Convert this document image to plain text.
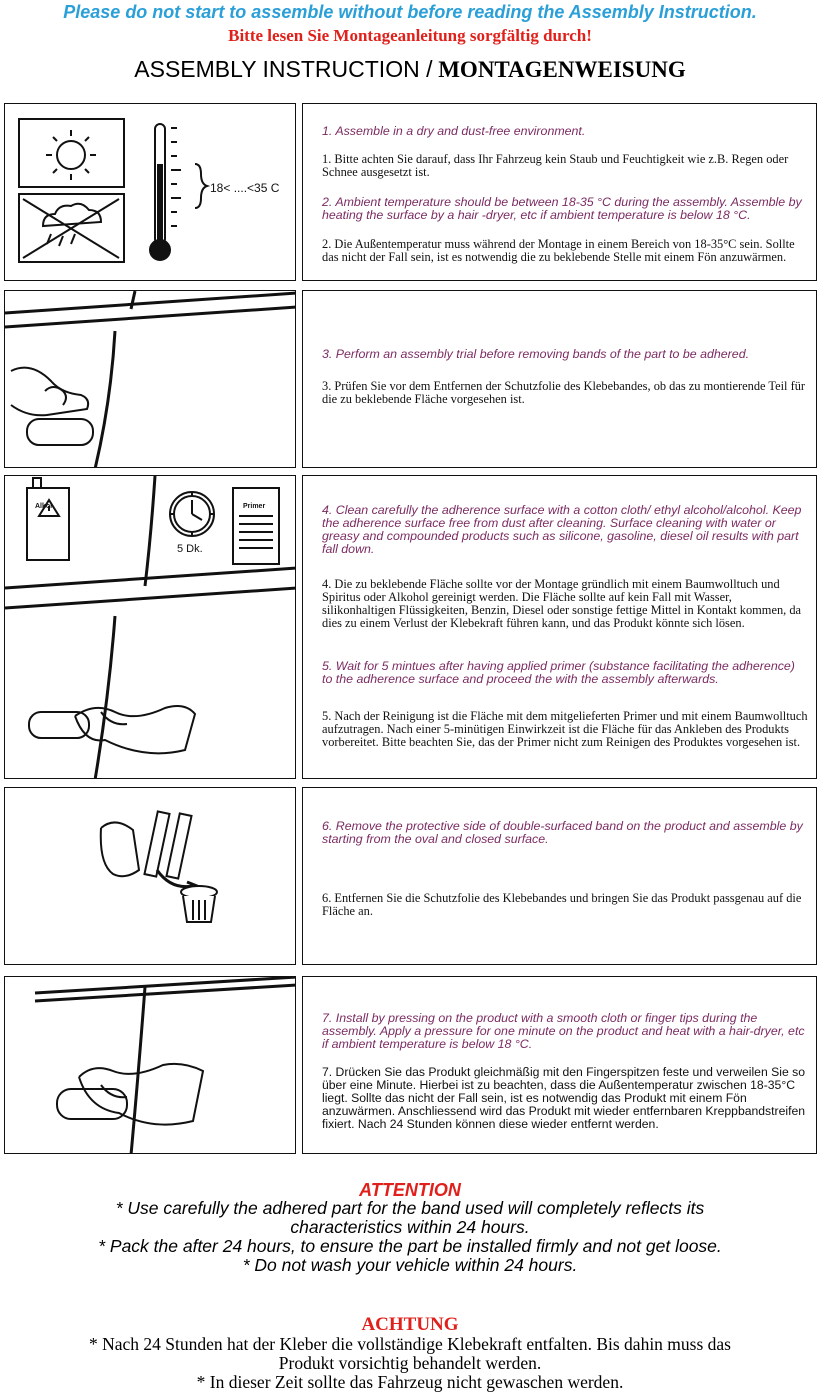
Please do not start to assemble without before reading the Assembly Instruction.
Bitte lesen Sie Montageanleitung sorgfältig durch!
ASSEMBLY INSTRUCTION / MONTAGENWEISUNG
18< ....<35 C
1. Assemble in a dry and dust-free environment.
1. Bitte achten Sie darauf, dass Ihr Fahrzeug kein Staub und Feuchtigkeit wie z.B. Regen oder Schnee ausgesetzt ist.
2. Ambient temperature should be between 18-35 °C during the assembly. Assemble by heating the surface by a hair -dryer, etc if ambient temperature is below 18 °C.
2. Die Außentemperatur muss während der Montage in einem Bereich von 18-35°C sein. Sollte das nicht der Fall sein, ist es notwendig die zu beklebende Stelle mit einem Fön anzuwärmen.
3. Perform an assembly trial before removing bands of the part to be adhered.
3. Prüfen Sie vor dem Entfernen der Schutzfolie des Klebebandes, ob das zu montierende Teil für die zu beklebende Fläche vorgesehen ist.
Alkol
5 Dk.
Primer	4. Clean carefully the adherence surface with a cotton cloth/ ethyl alcohol/alcohol. Keep the adherence surface free from dust after cleaning. Surface cleaning with water or greasy and compounded products such as silicone, gasoline, diesel oil results with part fall down.
4. Die zu beklebende Fläche sollte vor der Montage gründlich mit einem Baumwolltuch und Spiritus oder Alkohol gereinigt werden. Die Fläche sollte auf kein Fall mit Wasser, silikonhaltigen Flüssigkeiten, Benzin, Diesel oder sonstige fettige Mittel in Kontakt kommen, da dies zu einem Verlust der Klebekraft führen kann, und das Produkt könnte sich lösen.
5. Wait for 5 mintues after having applied primer (substance facilitating the adherence) to the adherence surface and proceed the with the assembly afterwards.
5. Nach der Reinigung ist die Fläche mit dem mitgelieferten Primer und mit einem Baumwolltuch aufzutragen. Nach einer 5-minütigen Einwirkzeit ist die Fläche für das Ankleben des Produkts vorbereitet. Bitte beachten Sie, das der Primer nicht zum Reinigen des Produktes vorgesehen ist.
6. Remove the protective side of double-surfaced band on the product and assemble by starting from the oval and closed surface.
6. Entfernen Sie die Schutzfolie des Klebebandes und bringen Sie das Produkt passgenau auf die Fläche an.
7. Install by pressing on the product with a smooth cloth or finger tips during the assembly. Apply a pressure for one minute on the product and heat with a hair-dryer, etc if ambient temperature is below 18 °C.
7. Drücken Sie das Produkt gleichmäßig mit den Fingerspitzen feste und verweilen Sie so über eine Minute. Hierbei ist zu beachten, dass die Außentemperatur zwischen 18-35°C liegt. Sollte das nicht der Fall sein, ist es notwendig das Produkt mit einem Fön anzuwärmen. Anschliessend wird das Produkt mit wieder entfernbaren Kreppbandstreifen fixiert. Nach 24 Stunden können diese wieder entfernt werden.
ATTENTION
* Use carefully the adhered part for the band used will completely reflects its
characteristics within 24 hours.
* Pack the after 24 hours, to ensure the part be installed firmly and not get loose.
* Do not wash your vehicle within 24 hours.
ACHTUNG
* Nach 24 Stunden hat der Kleber die vollständige Klebekraft entfalten. Bis dahin muss das
Produkt vorsichtig behandelt werden.
* In dieser Zeit sollte das Fahrzeug nicht gewaschen werden.
